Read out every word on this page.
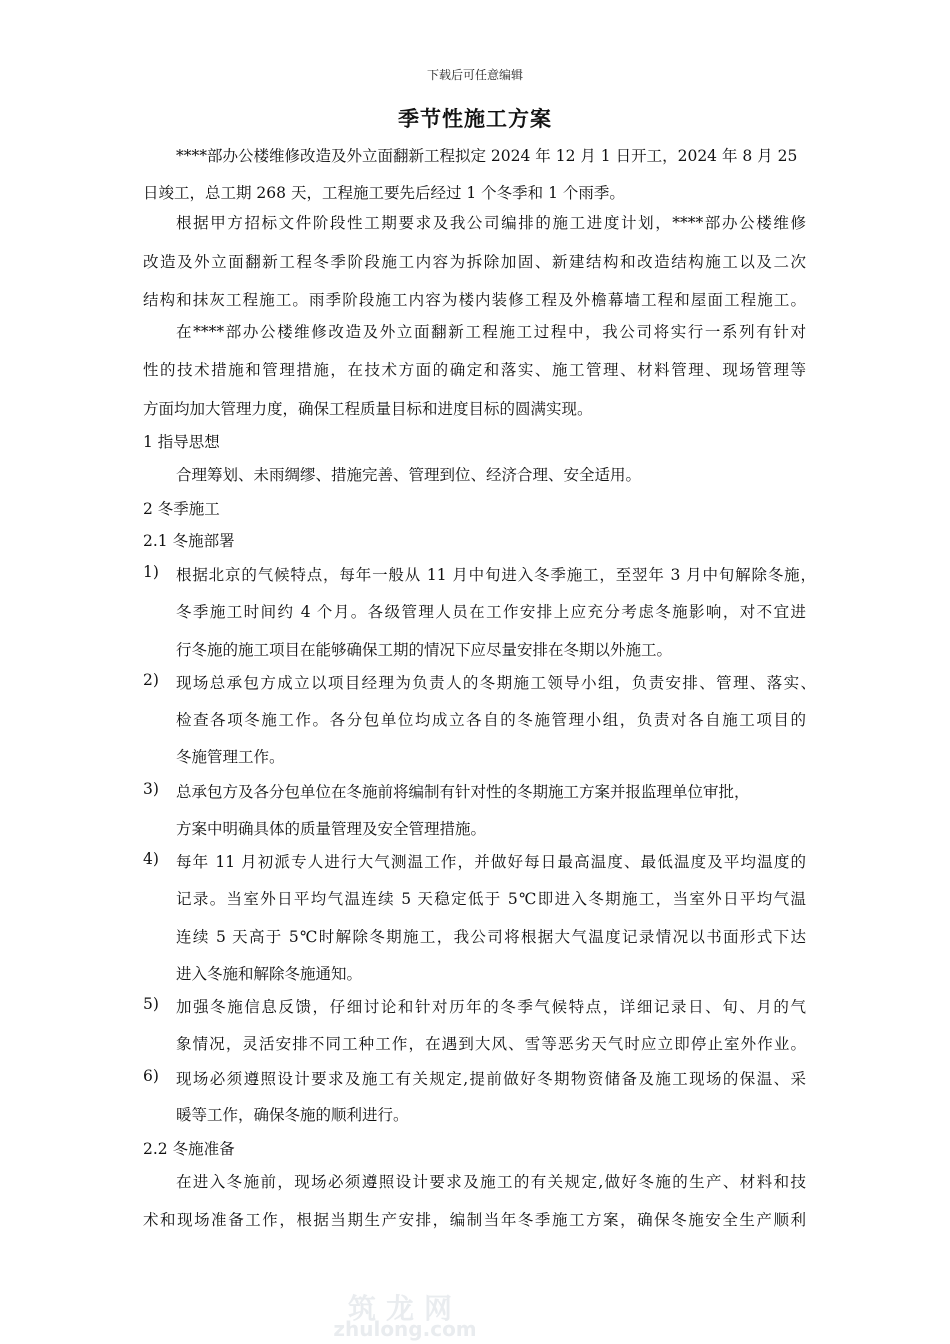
下载后可任意编辑
季节性施工方案
****部办公楼维修改造及外立面翻新工程拟定 2024 年 12 月 1 日开工，2024 年 8 月 25
日竣工，总工期 268 天，工程施工要先后经过 1 个冬季和 1 个雨季。
根据甲方招标文件阶段性工期要求及我公司编排的施工进度计划，****部办公楼维修
改造及外立面翻新工程冬季阶段施工内容为拆除加固、新建结构和改造结构施工以及二次
结构和抹灰工程施工。雨季阶段施工内容为楼内装修工程及外檐幕墙工程和屋面工程施工。
在****部办公楼维修改造及外立面翻新工程施工过程中，我公司将实行一系列有针对
性的技术措施和管理措施，在技术方面的确定和落实、施工管理、材料管理、现场管理等
方面均加大管理力度，确保工程质量目标和进度目标的圆满实现。
1 指导思想
合理筹划、未雨绸缪、措施完善、管理到位、经济合理、安全适用。
2 冬季施工
2.1 冬施部署
1) 根据北京的气候特点，每年一般从 11 月中旬进入冬季施工，至翌年 3 月中旬解除冬施，
冬季施工时间约 4 个月。各级管理人员在工作安排上应充分考虑冬施影响，对不宜进
行冬施的施工项目在能够确保工期的情况下应尽量安排在冬期以外施工。
2) 现场总承包方成立以项目经理为负责人的冬期施工领导小组，负责安排、管理、落实、
检查各项冬施工作。各分包单位均成立各自的冬施管理小组，负责对各自施工项目的
冬施管理工作。
3) 总承包方及各分包单位在冬施前将编制有针对性的冬期施工方案并报监理单位审批，
方案中明确具体的质量管理及安全管理措施。
4) 每年 11 月初派专人进行大气测温工作，并做好每日最高温度、最低温度及平均温度的
记录。当室外日平均气温连续 5 天稳定低于 5℃即进入冬期施工，当室外日平均气温
连续 5 天高于 5℃时解除冬期施工，我公司将根据大气温度记录情况以书面形式下达
进入冬施和解除冬施通知。
5) 加强冬施信息反馈，仔细讨论和针对历年的冬季气候特点，详细记录日、旬、月的气
象情况，灵活安排不同工种工作，在遇到大风、雪等恶劣天气时应立即停止室外作业。
6) 现场必须遵照设计要求及施工有关规定,提前做好冬期物资储备及施工现场的保温、采
暖等工作，确保冬施的顺利进行。
2.2 冬施准备
在进入冬施前，现场必须遵照设计要求及施工的有关规定,做好冬施的生产、材料和技
术和现场准备工作，根据当期生产安排，编制当年冬季施工方案，确保冬施安全生产顺利
筑龙网
zhulong.com
